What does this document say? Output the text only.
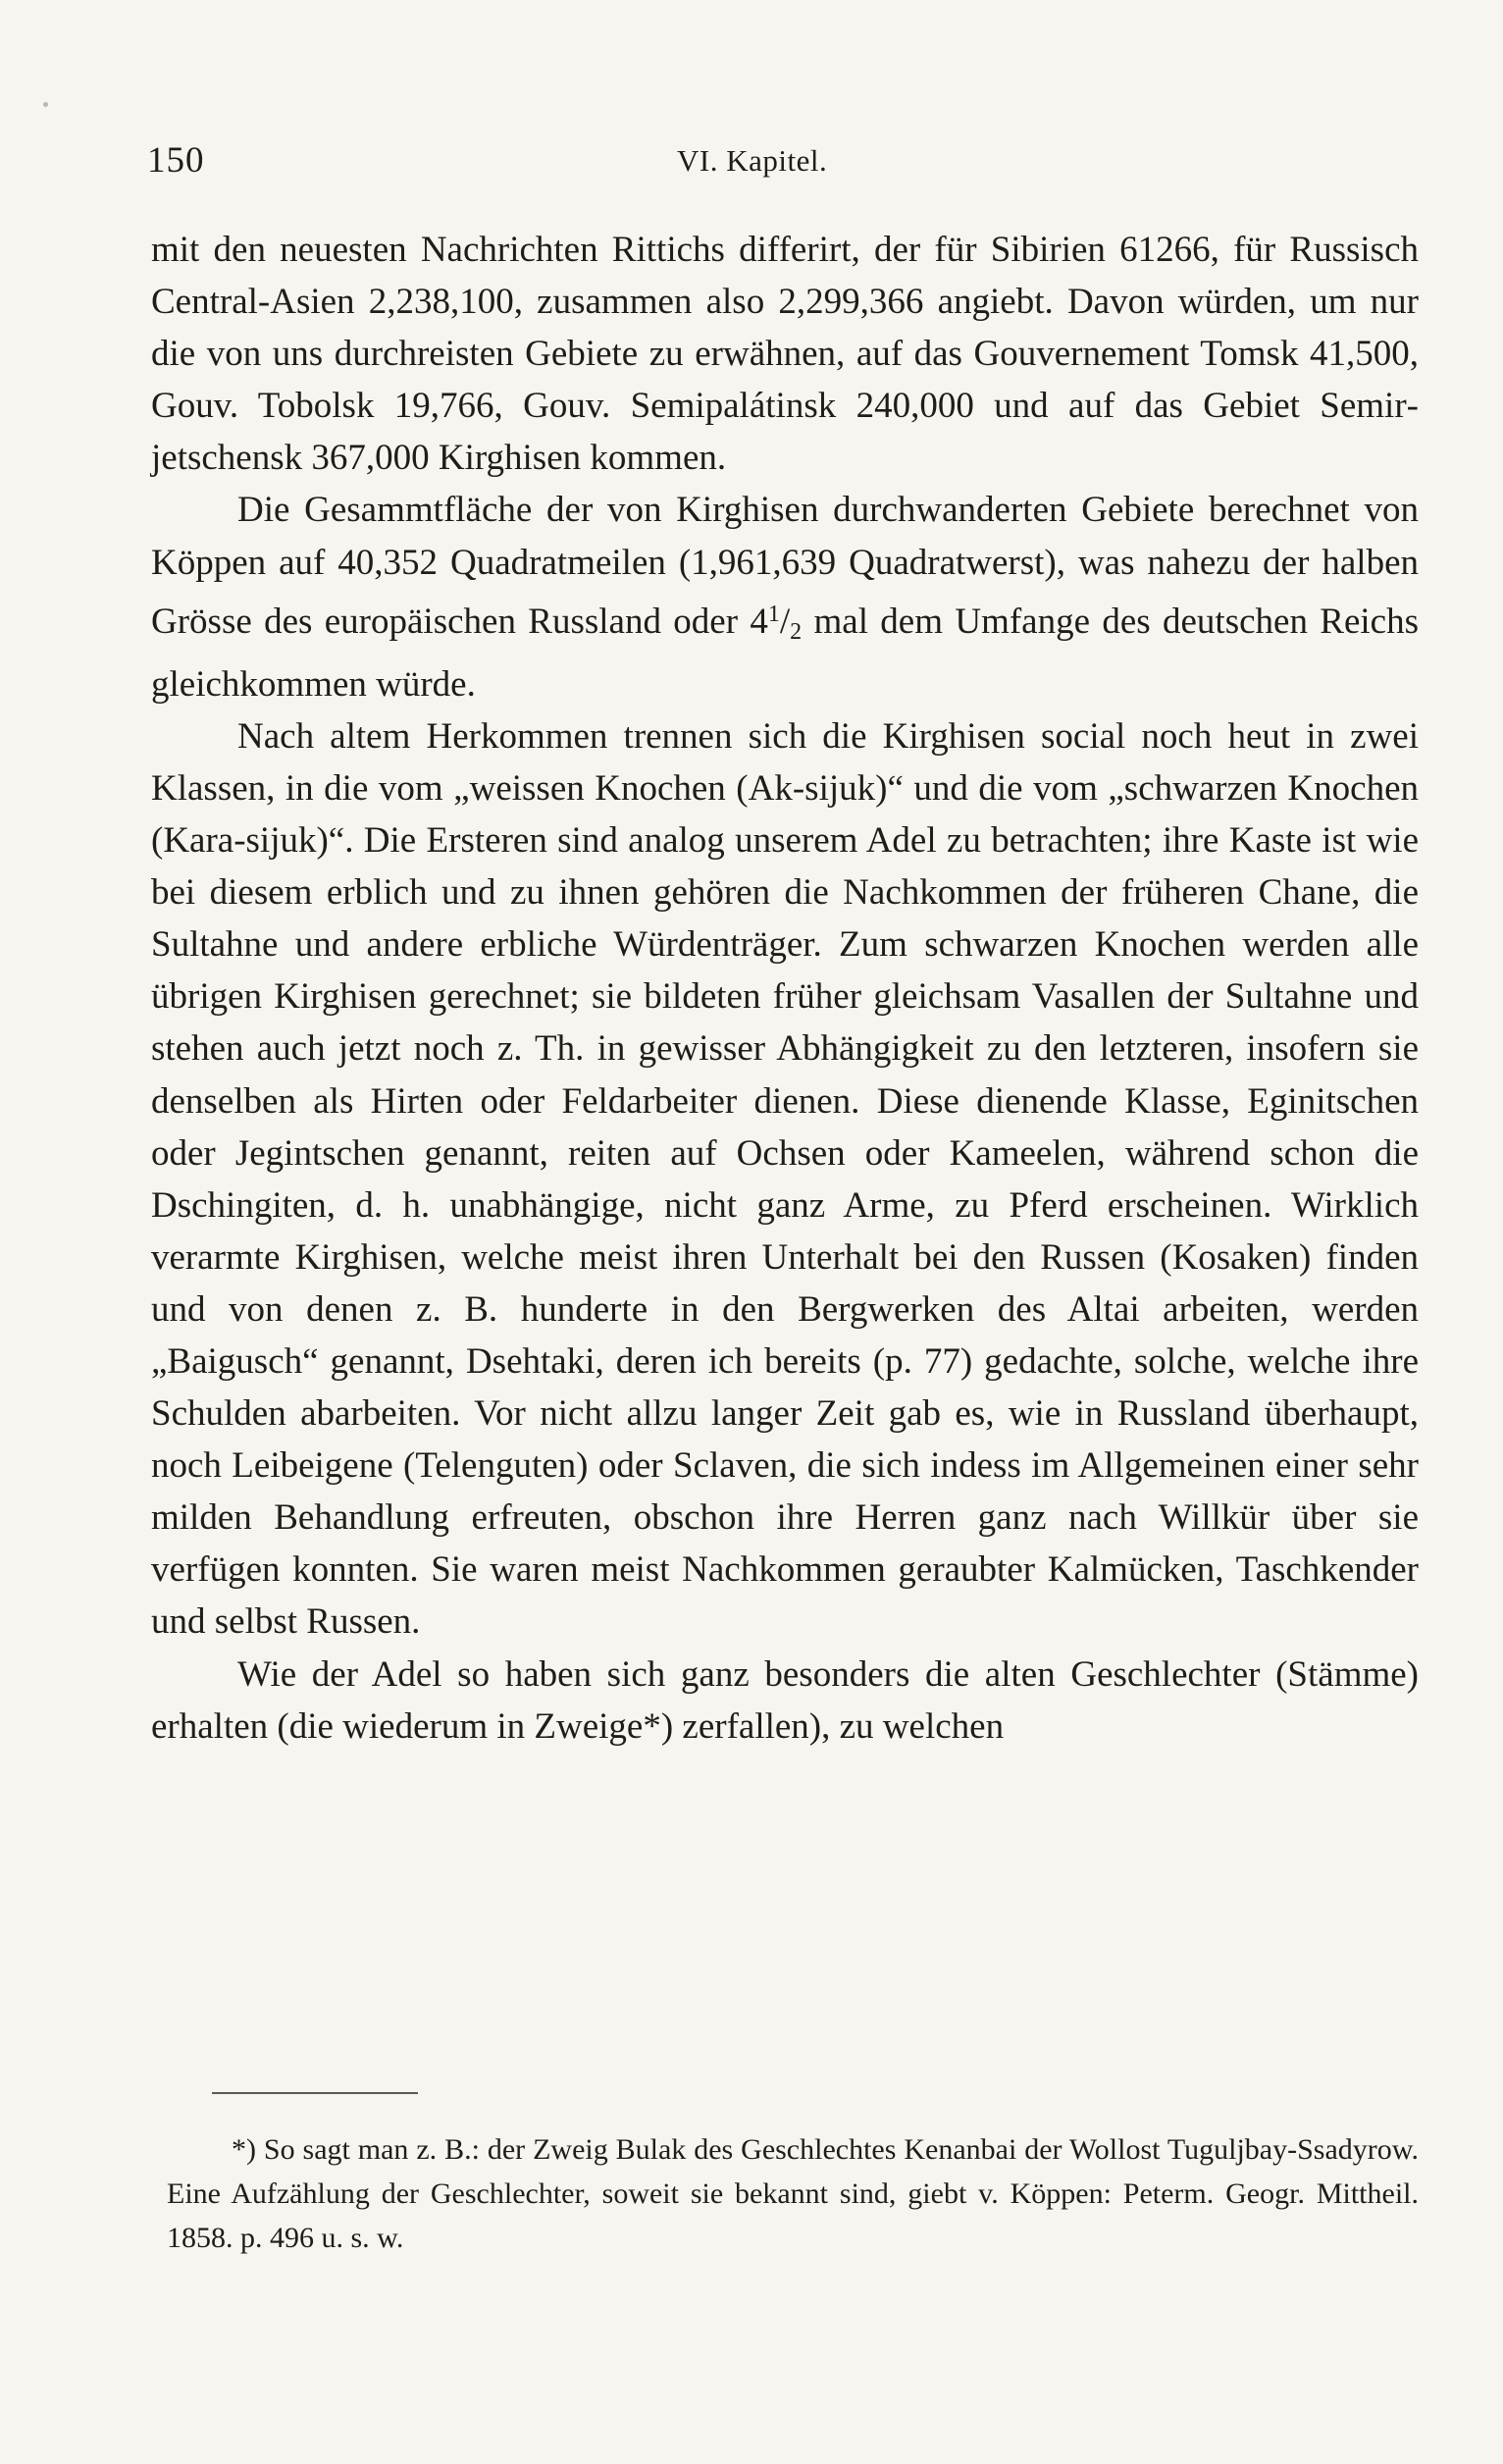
150	VI. Kapitel.

mit den neuesten Nachrichten Rittichs differirt, der für Sibirien 61266, für Russisch Central-Asien 2,238,100, zusammen also 2,299,366 angiebt. Davon würden, um nur die von uns durchreisten Gebiete zu erwähnen, auf das Gouvernement Tomsk 41,500, Gouv. Tobolsk 19,766, Gouv. Semipalátinsk 240,000 und auf das Gebiet Semirjetschensk 367,000 Kirghisen kommen.

Die Gesammtfläche der von Kirghisen durchwanderten Gebiete berechnet von Köppen auf 40,352 Quadratmeilen (1,961,639 Quadratwerst), was nahezu der halben Grösse des europäischen Russland oder $4^1/2$ mal dem Umfange des deutschen Reichs gleichkommen würde.

Nach altem Herkommen trennen sich die Kirghisen social noch heut in zwei Klassen, in die vom „weissen Knochen (Ak-sijuk)“ und die vom „schwarzen Knochen (Kara-sijuk)“. Die Ersteren sind analog unserem Adel zu betrachten; ihre Kaste ist wie bei diesem erblich und zu ihnen gehören die Nachkommen der früheren Chane, die Sultahne und andere erbliche Würdenträger. Zum schwarzen Knochen werden alle übrigen Kirghisen gerechnet; sie bildeten früher gleichsam Vasallen der Sultahne und stehen auch jetzt noch z. Th. in gewisser Abhängigkeit zu den letzteren, insofern sie denselben als Hirten oder Feldarbeiter dienen. Diese dienende Klasse, Eginitschen oder Jegintschen genannt, reiten auf Ochsen oder Kameelen, während schon die Dschingiten, d. h. unabhängige, nicht ganz Arme, zu Pferd erscheinen. Wirklich verarmte Kirghisen, welche meist ihren Unterhalt bei den Russen (Kosaken) finden und von denen z. B. hunderte in den Bergwerken des Altai arbeiten, werden „Baigusch“ genannt, Dsehtaki, deren ich bereits (p. 77) gedachte, solche, welche ihre Schulden abarbeiten. Vor nicht allzu langer Zeit gab es, wie in Russland überhaupt, noch Leibeigene (Telenguten) oder Sclaven, die sich indess im Allgemeinen einer sehr milden Behandlung erfreuten, obschon ihre Herren ganz nach Willkür über sie verfügen konnten. Sie waren meist Nachkommen geraubter Kalmücken, Taschkender und selbst Russen.

Wie der Adel so haben sich ganz besonders die alten Geschlechter (Stämme) erhalten (die wiederum in Zweige*) zerfallen), zu welchen

*) So sagt man z. B.: der Zweig Bulak des Geschlechtes Kenanbai der Wollost Tuguljbay-Ssadyrow. Eine Aufzählung der Geschlechter, soweit sie bekannt sind, giebt v. Köppen: Peterm. Geogr. Mittheil. 1858. p. 496 u. s. w.
